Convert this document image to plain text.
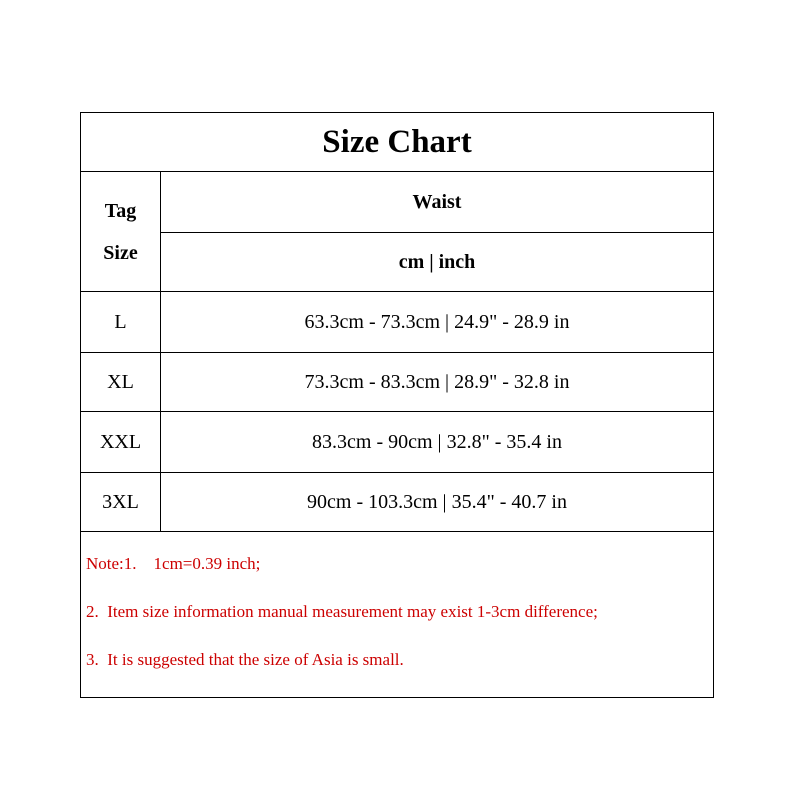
Size Chart
Tag
Size
Waist
cm | inch
L	63.3cm - 73.3cm | 24.9" - 28.9 in
XL	73.3cm - 83.3cm | 28.9" - 32.8 in
XXL	83.3cm - 90cm | 32.8" - 35.4 in
3XL	90cm - 103.3cm | 35.4" - 40.7 in
Note:1.    1cm=0.39 inch;
2.  Item size information manual measurement may exist 1-3cm difference;
3.  It is suggested that the size of Asia is small.
